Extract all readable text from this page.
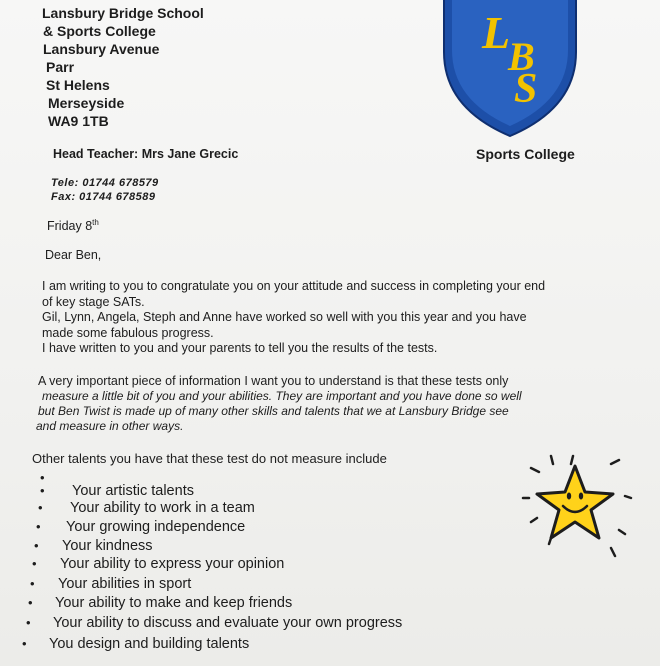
Lansbury Bridge School
& Sports College
Lansbury Avenue
Parr
St Helens
Merseyside
WA9 1TB
L
B
S
Sports College
Head Teacher: Mrs Jane Grecic
Tele: 01744 678579
Fax: 01744 678589
Friday 8th
Dear Ben,
I am writing to you to congratulate you on your attitude and success in completing your end
of key stage SATs.
Gil, Lynn, Angela, Steph and Anne have worked so well with you this year and you have
made some fabulous progress.
I have written to you and your parents to tell you the results of the tests.
A very important piece of information I want you to understand is that these tests only
measure a little bit of you and your abilities. They are important and you have done so well
but Ben Twist is made up of many other skills and talents that we at Lansbury Bridge see
and measure in other ways.
Other talents you have that these test do not measure include
•
• Your artistic talents
• Your ability to work in a team
• Your growing independence
• Your kindness
• Your ability to express your opinion
• Your abilities in sport
• Your ability to make and keep friends
• Your ability to discuss and evaluate your own progress
• You design and building talents
